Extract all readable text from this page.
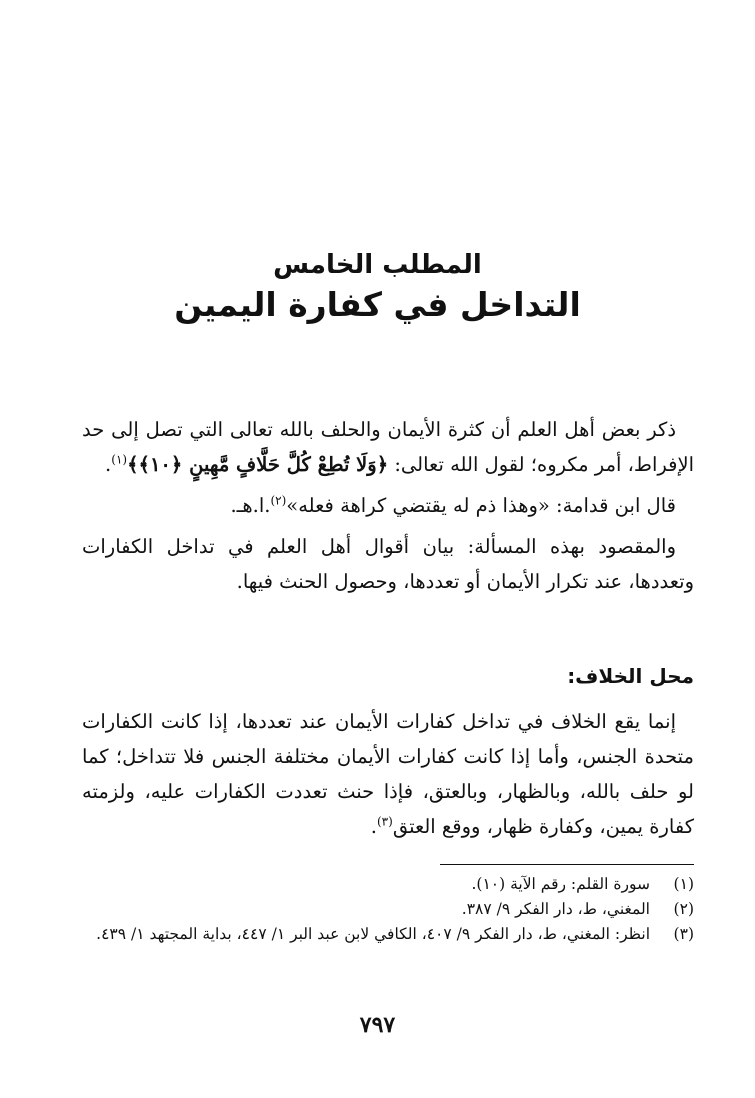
المطلب الخامس

التداخل في كفارة اليمين

ذكر بعض أهل العلم أن كثرة الأيمان والحلف بالله تعالى التي تصل إلى حد الإفراط، أمر مكروه؛ لقول الله تعالى: ﴿وَلَا تُطِعْ كُلَّ حَلَّافٍ مَّهِينٍ ﴿١٠﴾﴾$^{(١)}$.

قال ابن قدامة: «وهذا ذم له يقتضي كراهة فعله»$^{(٢)}$.ا.هـ.

والمقصود بهذه المسألة: بيان أقوال أهل العلم في تداخل الكفارات وتعددها، عند تكرار الأيمان أو تعددها، وحصول الحنث فيها.

محل الخلاف:

إنما يقع الخلاف في تداخل كفارات الأيمان عند تعددها، إذا كانت الكفارات متحدة الجنس، وأما إذا كانت كفارات الأيمان مختلفة الجنس فلا تتداخل؛ كما لو حلف بالله، وبالظهار، وبالعتق، فإذا حنث تعددت الكفارات عليه، ولزمته كفارة يمين، وكفارة ظهار، ووقع العتق$^{(٣)}$.

(١)
سورة القلم: رقم الآية (١٠).

(٢)
المغني، ط، دار الفكر ٩/ ٣٨٧.

(٣)
انظر: المغني، ط، دار الفكر ٩/ ٤٠٧، الكافي لابن عبد البر ١/ ٤٤٧، بداية المجتهد ١/ ٤٣٩.

٧٩٧
